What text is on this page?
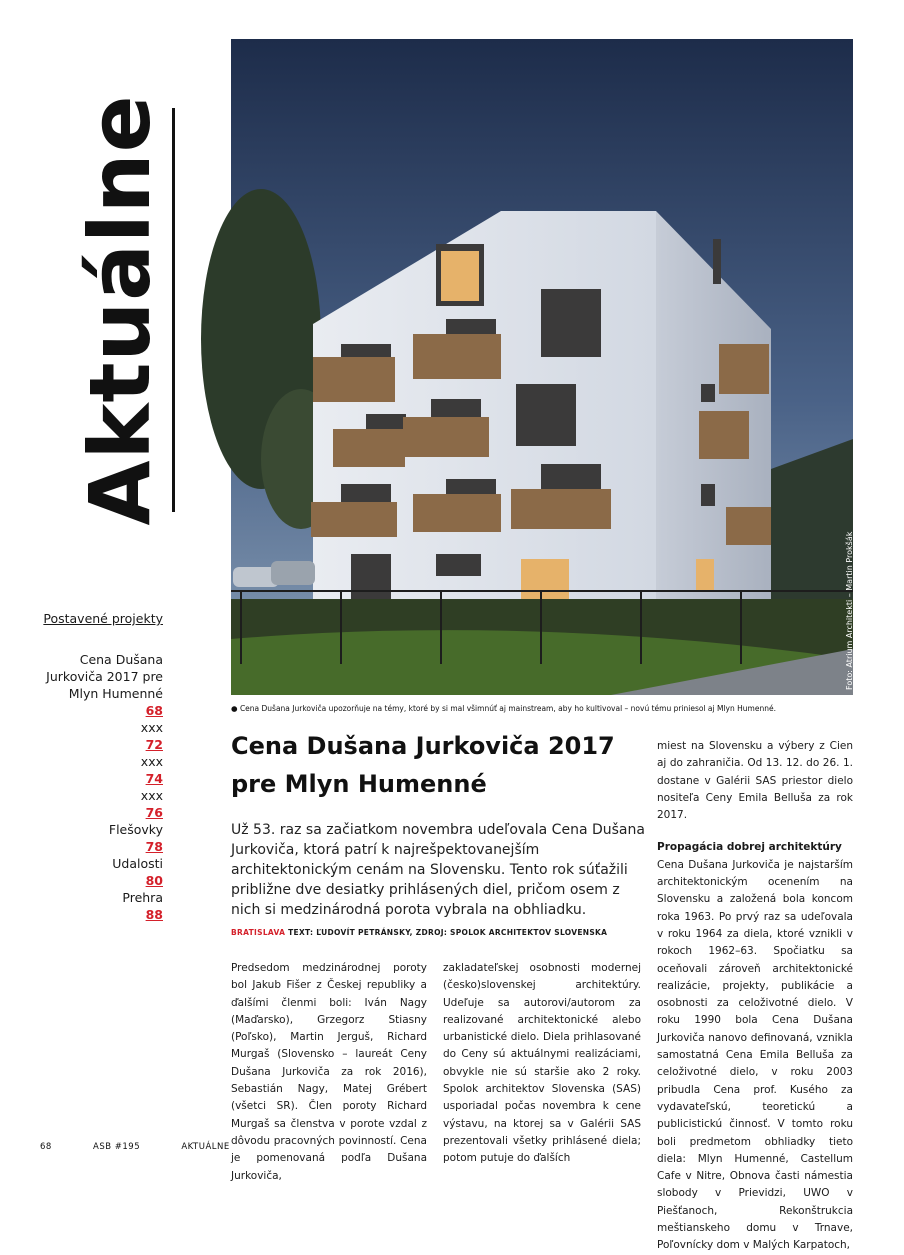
Aktuálne
Postavené projekty
Cena Dušana Jurkoviča 2017 pre Mlyn Humenné
68
xxx
72
xxx
74
xxx
76
Flešovky
78
Udalosti
80
Prehra
88
Foto: Atrium Architekti – Martin Prokšák
● Cena Dušana Jurkoviča upozorňuje na témy, ktoré by si mal všimnúť aj mainstream, aby ho kultivoval – novú tému priniesol aj Mlyn Humenné.
Cena Dušana Jurkoviča 2017 pre Mlyn Humenné

Už 53. raz sa začiatkom novembra udeľovala Cena Dušana Jurkoviča, ktorá patrí k najrešpektovanejším architektonickým cenám na Slovensku. Tento rok súťažili približne dve desiatky prihlásených diel, pričom osem z nich si medzinárodná porota vybrala na obhliadku.

BRATISLAVA TEXT: ĽUDOVÍT PETRÁNSKY, ZDROJ: SPOLOK ARCHITEKTOV SLOVENSKA

Predsedom medzinárodnej poroty bol Jakub Fišer z Českej republiky a ďalšími členmi boli: Iván Nagy (Maďarsko), Grzegorz Stiasny (Poľsko), Martin Jerguš, Richard Murgaš (Slovensko – laureát Ceny Dušana Jurkoviča za rok 2016), Sebastián Nagy, Matej Grébert (všetci SR). Člen poroty Richard Murgaš sa členstva v porote vzdal z dôvodu pracovných povinností. Cena je pomenovaná podľa Dušana Jurkoviča,

zakladateľskej osobnosti modernej (česko)slovenskej architektúry. Udeľuje sa autorovi/autorom za realizované architektonické alebo urbanistické dielo. Diela prihlasované do Ceny sú aktuálnymi realizáciami, obvykle nie sú staršie ako 2 roky. Spolok architektov Slovenska (SAS) usporiadal počas novembra k cene výstavu, na ktorej sa v Galérii SAS prezentovali všetky prihlásené diela; potom putuje do ďalších

miest na Slovensku a výbery z Cien aj do zahraničia. Od 13. 12. do 26. 1. dostane v Galérii SAS priestor dielo nositeľa Ceny Emila Belluša za rok 2017.
Propagácia dobrej architektúry
Cena Dušana Jurkoviča je najstarším architektonickým ocenením na Slovensku a založená bola koncom roka 1963. Po prvý raz sa udeľovala v roku 1964 za diela, ktoré vznikli v rokoch 1962–63. Spočiatku sa oceňovali zároveň architektonické realizácie, projekty, publikácie a osobnosti za celoživotné dielo. V roku 1990 bola Cena Dušana Jurkoviča nanovo definovaná, vznikla samostatná Cena Emila Belluša za celoživotné dielo, v roku 2003 pribudla Cena prof. Kusého za vydavateľskú, teoretickú a publicistickú činnosť. V tomto roku boli predmetom obhliadky tieto diela: Mlyn Humenné, Castellum Cafe v Nitre, Obnova časti námestia slobody v Prievidzi, UWO v Piešťanoch, Rekonštrukcia meštianskeho domu v Trnave, Poľovnícky dom v Malých Karpatoch,
68	ASB #195	AKTUÁLNE
